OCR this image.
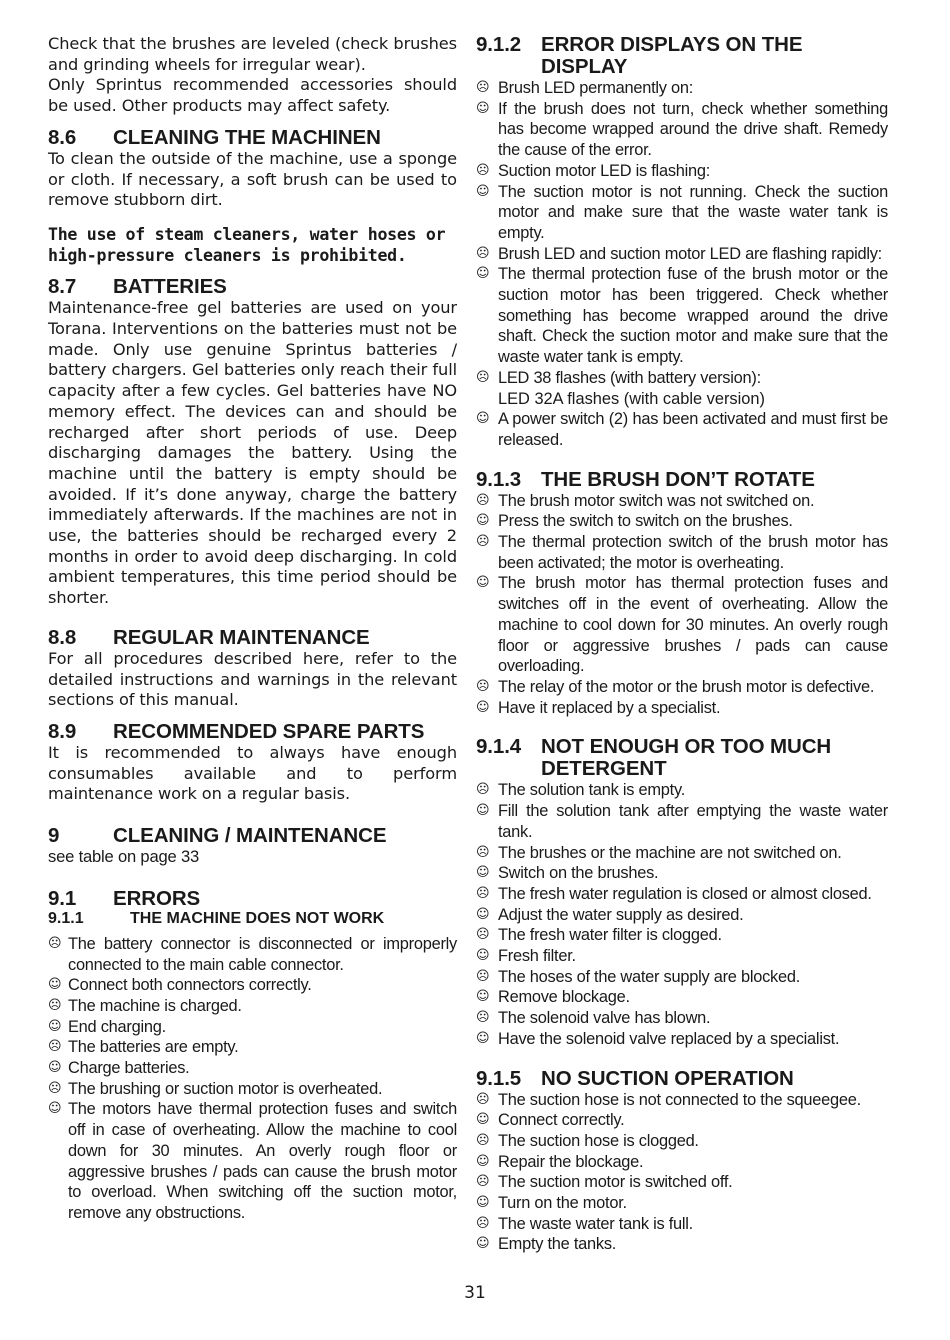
Check that the brushes are leveled (check brushes and grinding wheels for irregular wear).

Only Sprintus recommended accessories should be used. Other products may affect safety.

8.6	CLEANING THE MACHINEN

To clean the outside of the machine, use a sponge or cloth. If necessary, a soft brush can be used to remove stubborn dirt.

The use of steam cleaners, water hoses or high-pressure cleaners is prohibited.

8.7	BATTERIES

Maintenance-free gel batteries are used on your Torana. Interventions on the batteries must not be made. Only use genuine Sprintus batteries / battery chargers. Gel batteries only reach their full capacity after a few cycles. Gel batteries have NO memory effect. The devices can and should be recharged after short periods of use. Deep discharging damages the battery. Using the machine until the battery is empty should be avoided. If it’s done anyway, charge the battery immediately afterwards. If the machines are not in use, the batteries should be recharged every 2 months in order to avoid deep discharging. In cold ambient temperatures, this time period should be shorter.

8.8	REGULAR MAINTENANCE

For all procedures described here, refer to the detailed instructions and warnings in the relevant sections of this manual.

8.9	RECOMMENDED SPARE PARTS

It is recommended to always have enough consumables available and to perform maintenance work on a regular basis.

9	CLEANING / MAINTENANCE

see table on page 33

9.1	ERRORS
9.1.1	THE MACHINE DOES NOT WORK
☹ The battery connector is disconnected or improperly connected to the main cable connector.
☺ Connect both connectors correctly.
☹ The machine is charged.
☺ End charging.
☹ The batteries are empty.
☺ Charge batteries.
☹ The brushing or suction motor is overheated.
☺ The motors have thermal protection fuses and switch off in case of overheating. Allow the machine to cool down for 30 minutes. An overly rough floor or aggressive brushes / pads can cause the brush motor to overload. When switching off the suction motor, remove any obstructions.
9.1.2 ERROR DISPLAYS ON THE DISPLAY
☹ Brush LED permanently on:
☺ If the brush does not turn, check whether something has become wrapped around the drive shaft. Remedy the cause of the error.
☹ Suction motor LED is flashing:
☺ The suction motor is not running. Check the suction motor and make sure that the waste water tank is empty.
☹ Brush LED and suction motor LED are flashing rapidly:
☺ The thermal protection fuse of the brush motor or the suction motor has been triggered. Check whether something has become wrapped around the drive shaft. Check the suction motor and make sure that the waste water tank is empty.
☹ LED 38 flashes (with battery version):

LED 32A flashes (with cable version)

☺ A power switch (2) has been activated and must first be released.
9.1.3 THE BRUSH DON’T ROTATE
☹ The brush motor switch was not switched on.
☺ Press the switch to switch on the brushes.
☹ The thermal protection switch of the brush motor has been activated; the motor is overheating.
☺ The brush motor has thermal protection fuses and switches off in the event of overheating. Allow the machine to cool down for 30 minutes. An overly rough floor or aggressive brushes / pads can cause overloading.
☹ The relay of the motor or the brush motor is defective.
☺ Have it replaced by a specialist.
9.1.4 NOT ENOUGH OR TOO MUCH DETERGENT
☹ The solution tank is empty.
☺ Fill the solution tank after emptying the waste water tank.
☹ The brushes or the machine are not switched on.
☺ Switch on the brushes.
☹ The fresh water regulation is closed or almost closed.
☺ Adjust the water supply as desired.
☹ The fresh water filter is clogged.
☺ Fresh filter.
☹ The hoses of the water supply are blocked.
☺ Remove blockage.
☹ The solenoid valve has blown.
☺ Have the solenoid valve replaced by a specialist.
9.1.5 NO SUCTION OPERATION
☹ The suction hose is not connected to the squeegee.
☺ Connect correctly.
☹ The suction hose is clogged.
☺ Repair the blockage.
☹ The suction motor is switched off.
☺ Turn on the motor.
☹ The waste water tank is full.
☺ Empty the tanks.
31
